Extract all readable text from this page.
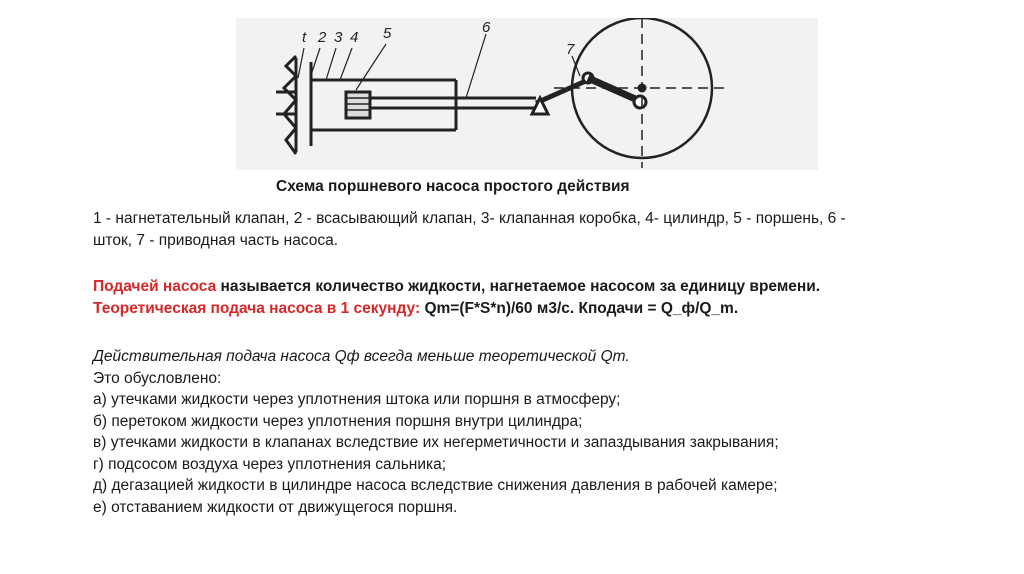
t 2 3 4 5	6
7
Схема поршневого насоса простого действия
1 - нагнетательный клапан, 2 - всасывающий клапан, 3- клапанная коробка, 4- цилиндр, 5 - поршень, 6 -
шток, 7 - приводная часть насоса.
Подачей насоса называется количество жидкости, нагнетаемое насосом за единицу времени.
Теоретическая подача насоса в 1 секунду: Qm=(F*S*n)/60 м3/с. Кподачи = Q_ф/Q_m.
Действительная подача насоса Qф всегда меньше теоретической Qт.
Это обусловлено:
а) утечками жидкости через уплотнения штока или поршня в атмосферу;
б) перетоком жидкости через уплотнения поршня внутри цилиндра;
в) утечками жидкости в клапанах вследствие их негерметичности и запаздывания закрывания;
г) подсосом воздуха через уплотнения сальника;
д) дегазацией жидкости в цилиндре насоса вследствие снижения давления в рабочей камере;
е) отставанием жидкости от движущегося поршня.
